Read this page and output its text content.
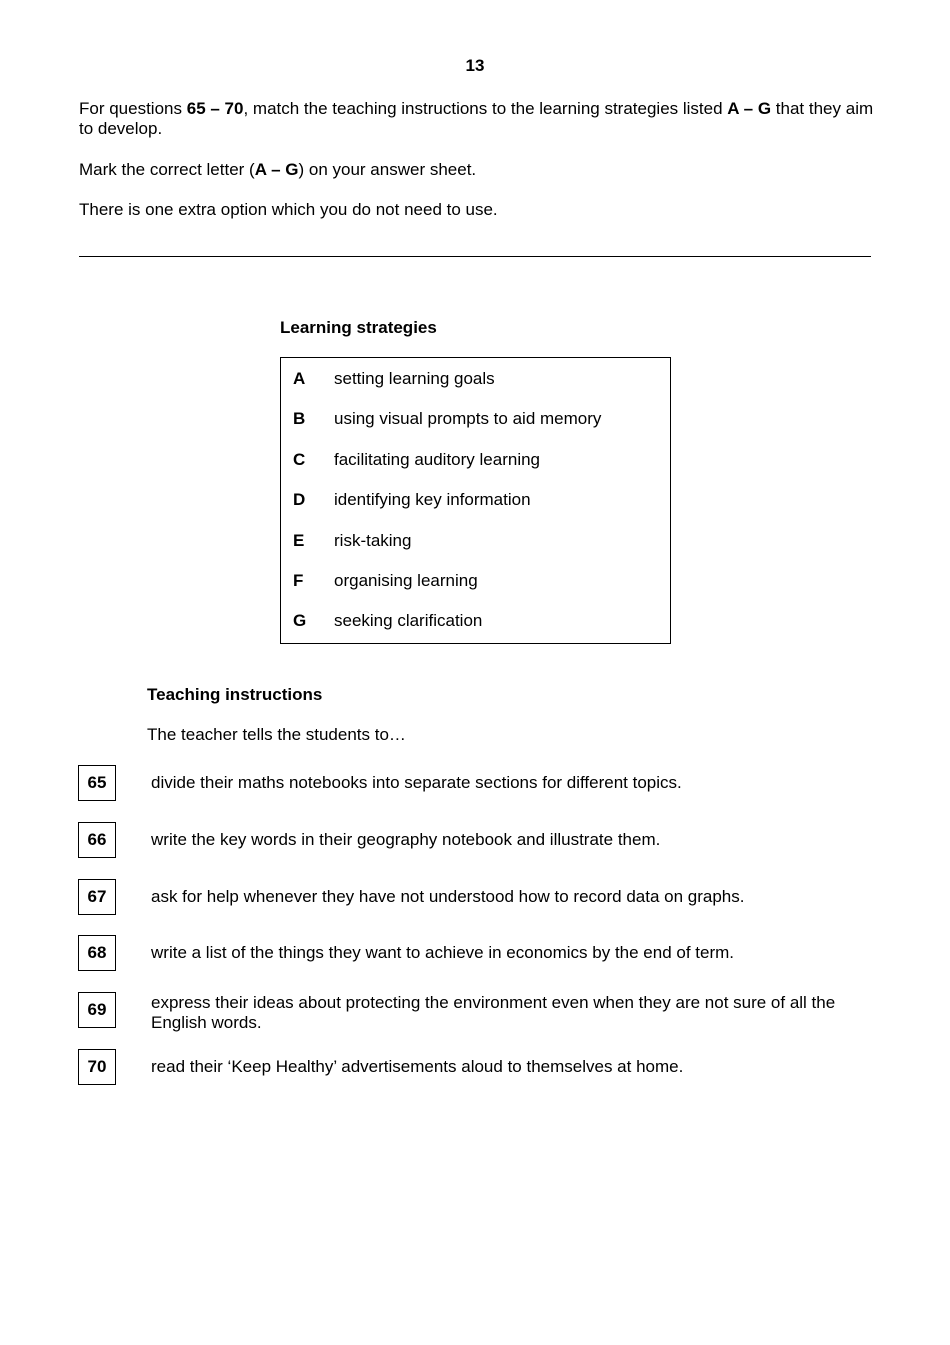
13
For questions 65 – 70, match the teaching instructions to the learning strategies listed A – G that they aim to develop.
Mark the correct letter (A – G) on your answer sheet.
There is one extra option which you do not need to use.
Learning strategies
A setting learning goals
B using visual prompts to aid memory
C facilitating auditory learning
D identifying key information
E risk-taking
F organising learning
G seeking clarification
Teaching instructions
The teacher tells the students to…
65	divide their maths notebooks into separate sections for different topics.
66	write the key words in their geography notebook and illustrate them.
67	ask for help whenever they have not understood how to record data on graphs.
68	write a list of the things they want to achieve in economics by the end of term.
69	express their ideas about protecting the environment even when they are not sure of all the English words.
70	read their ‘Keep Healthy’ advertisements aloud to themselves at home.
